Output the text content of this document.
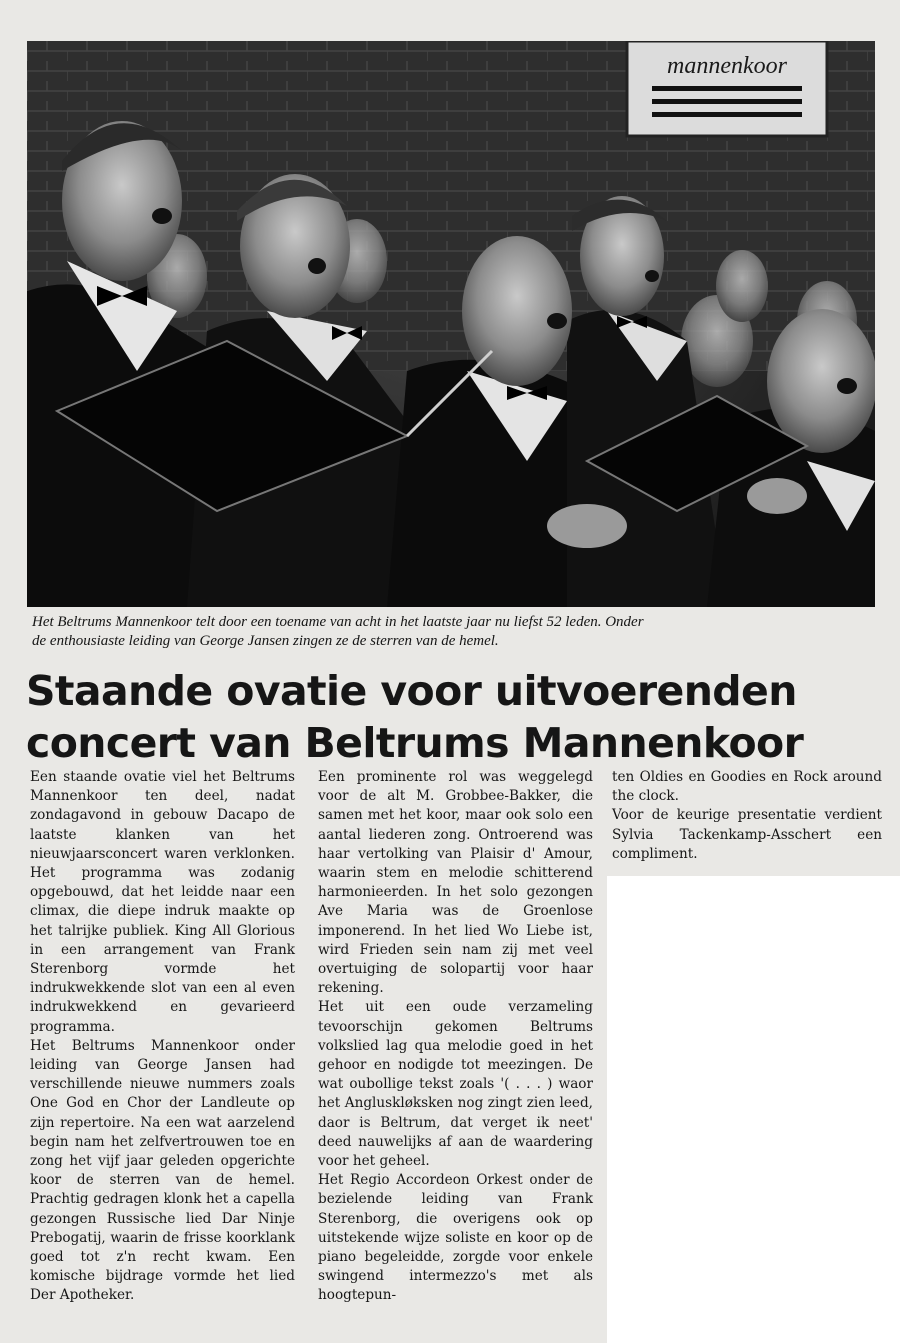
mannenkoor

Het Beltrums Mannenkoor telt door een toename van acht in het laatste jaar nu liefst 52 leden. Onder

de enthousiaste leiding van George Jansen zingen ze de sterren van de hemel.

Staande ovatie voor uitvoerenden
concert van Beltrums Mannenkoor

Een staande ovatie viel het Beltrums Mannenkoor ten deel, nadat zondagavond in gebouw Dacapo de laatste klanken van het nieuwjaarsconcert waren verklonken. Het programma was zodanig opgebouwd, dat het leidde naar een climax, die diepe indruk maakte op het talrijke publiek. King All Glorious in een arrangement van Frank Sterenborg vormde het indrukwekkende slot van een al even indrukwekkend en gevarieerd programma.

Het Beltrums Mannenkoor onder leiding van George Jansen had verschillende nieuwe nummers zoals One God en Chor der Landleute op zijn repertoire. Na een wat aarzelend begin nam het zelfvertrouwen toe en zong het vijf jaar geleden opgerichte koor de sterren van de hemel. Prachtig gedragen klonk het a capella gezongen Russische lied Dar Ninje Prebogatij, waarin de frisse koorklank goed tot z'n recht kwam. Een komische bijdrage vormde het lied Der Apotheker.

Een prominente rol was weggelegd voor de alt M. Grobbee-Bakker, die samen met het koor, maar ook solo een aantal liederen zong. Ontroerend was haar vertolking van Plaisir d' Amour, waarin stem en melodie schitterend harmonieerden. In het solo gezongen Ave Maria was de Groenlose imponerend. In het lied Wo Liebe ist, wird Frieden sein nam zij met veel overtuiging de solopartij voor haar rekening.

Het uit een oude verzameling tevoorschijn gekomen Beltrums volkslied lag qua melodie goed in het gehoor en nodigde tot meezingen. De wat oubollige tekst zoals '( . . . ) waor het Angluskløksken nog zingt zien leed, daor is Beltrum, dat verget ik neet' deed nauwelijks af aan de waardering voor het geheel.

Het Regio Accordeon Orkest onder de bezielende leiding van Frank Sterenborg, die overigens ook op uitstekende wijze soliste en koor op de piano begeleidde, zorgde voor enkele swingend intermezzo's met als hoogtepun-

ten Oldies en Goodies en Rock around the clock.

Voor de keurige presentatie verdient Sylvia Tackenkamp-Asschert een compliment.
